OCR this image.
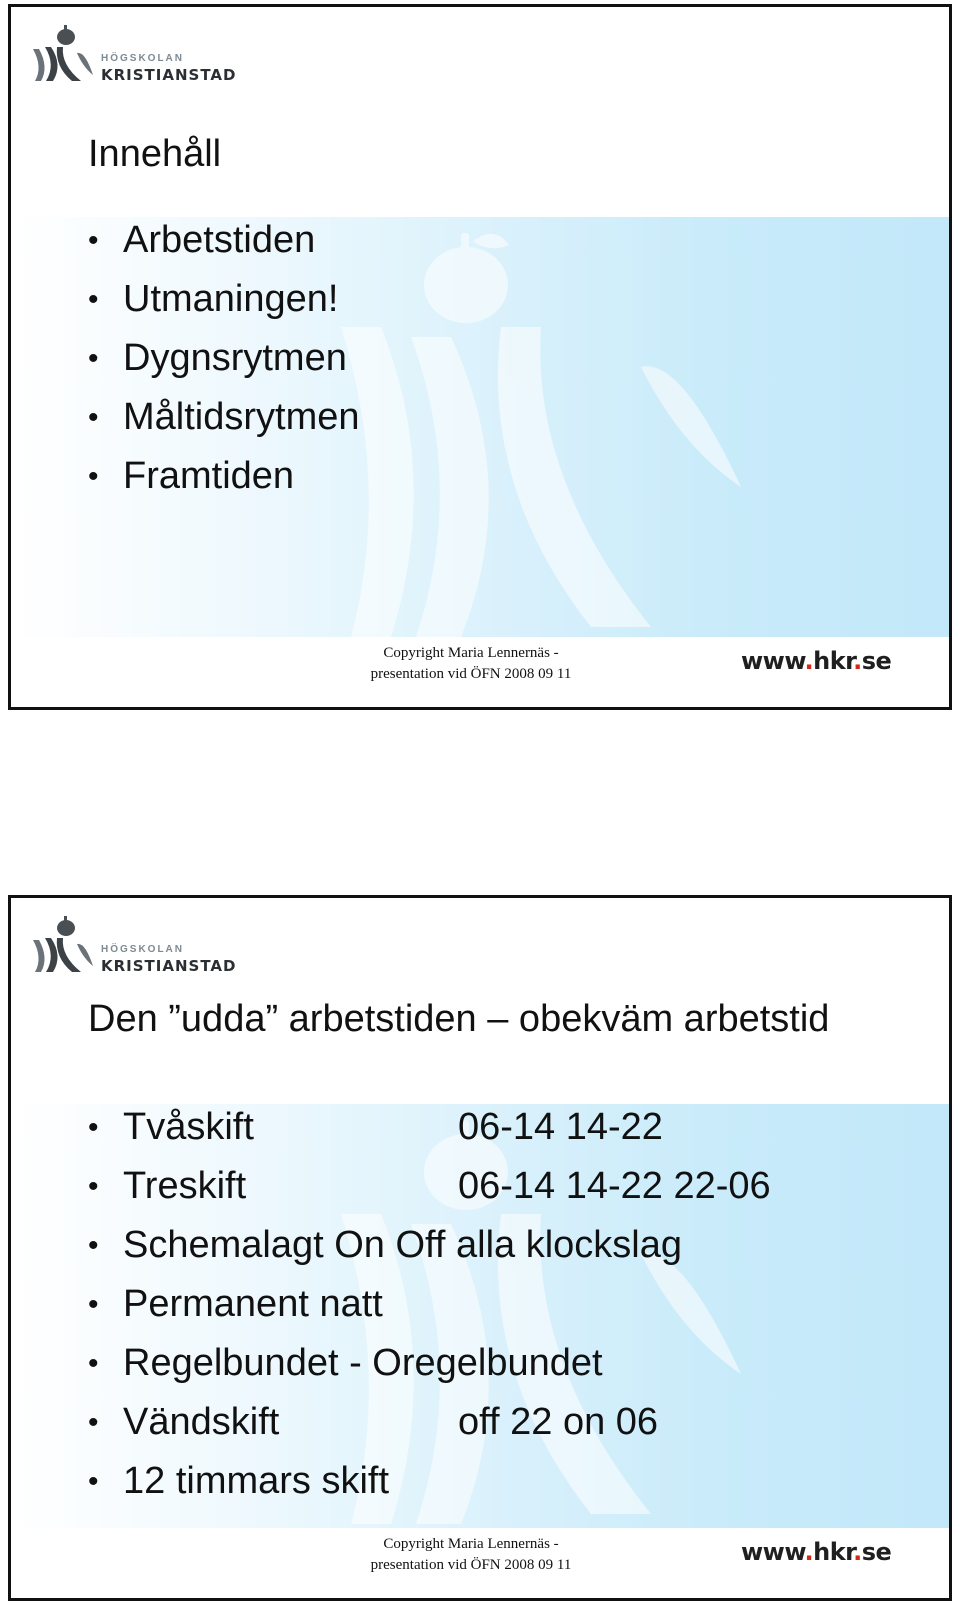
HÖGSKOLAN
KRISTIANSTAD
Innehåll
• Arbetstiden
• Utmaningen!
• Dygnsrytmen
• Måltidsrytmen
• Framtiden
Copyright Maria Lennernäs -
presentation vid ÖFN 2008 09 11	www.hkr.se
HÖGSKOLAN
KRISTIANSTAD
Den ”udda” arbetstiden – obekväm arbetstid
• Tvåskift	06-14 14-22
• Treskift	06-14 14-22 22-06
• Schemalagt On Off alla klockslag
• Permanent natt
• Regelbundet - Oregelbundet
• Vändskift	off 22 on 06
• 12 timmars skift
Copyright Maria Lennernäs -
presentation vid ÖFN 2008 09 11	www.hkr.se
